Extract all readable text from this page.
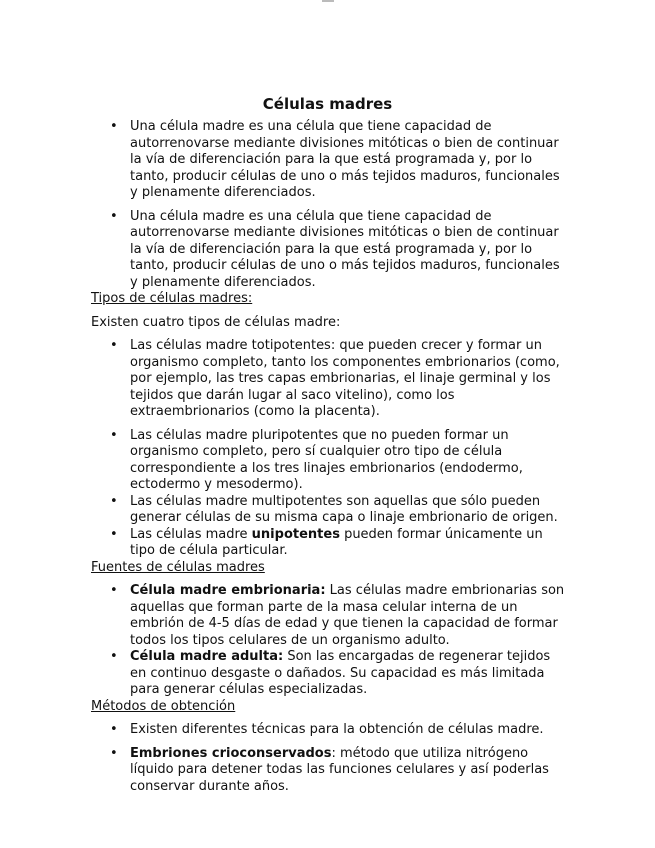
Células madres
• Una célula madre es una célula que tiene capacidad de autorrenovarse mediante divisiones mitóticas o bien de continuar la vía de diferenciación para la que está programada y, por lo tanto, producir células de uno o más tejidos maduros, funcionales y plenamente diferenciados.
• Una célula madre es una célula que tiene capacidad de autorrenovarse mediante divisiones mitóticas o bien de continuar la vía de diferenciación para la que está programada y, por lo tanto, producir células de uno o más tejidos maduros, funcionales y plenamente diferenciados.

Tipos de células madres:

Existen cuatro tipos de células madre:

• Las células madre totipotentes: que pueden crecer y formar un organismo completo, tanto los componentes embrionarios (como, por ejemplo, las tres capas embrionarias, el linaje germinal y los tejidos que darán lugar al saco vitelino), como los extraembrionarios (como la placenta).
• Las células madre pluripotentes que no pueden formar un organismo completo, pero sí cualquier otro tipo de célula correspondiente a los tres linajes embrionarios (endodermo, ectodermo y mesodermo).
• Las células madre multipotentes son aquellas que sólo pueden generar células de su misma capa o linaje embrionario de origen.
• Las células madre unipotentes pueden formar únicamente un tipo de célula particular.

Fuentes de células madres

• Célula madre embrionaria: Las células madre embrionarias son aquellas que forman parte de la masa celular interna de un embrión de 4-5 días de edad y que tienen la capacidad de formar todos los tipos celulares de un organismo adulto.
• Célula madre adulta: Son las encargadas de regenerar tejidos en continuo desgaste o dañados. Su capacidad es más limitada para generar células especializadas.

Métodos de obtención

• Existen diferentes técnicas para la obtención de células madre.
• Embriones crioconservados: método que utiliza nitrógeno líquido para detener todas las funciones celulares y así poderlas conservar durante años.
